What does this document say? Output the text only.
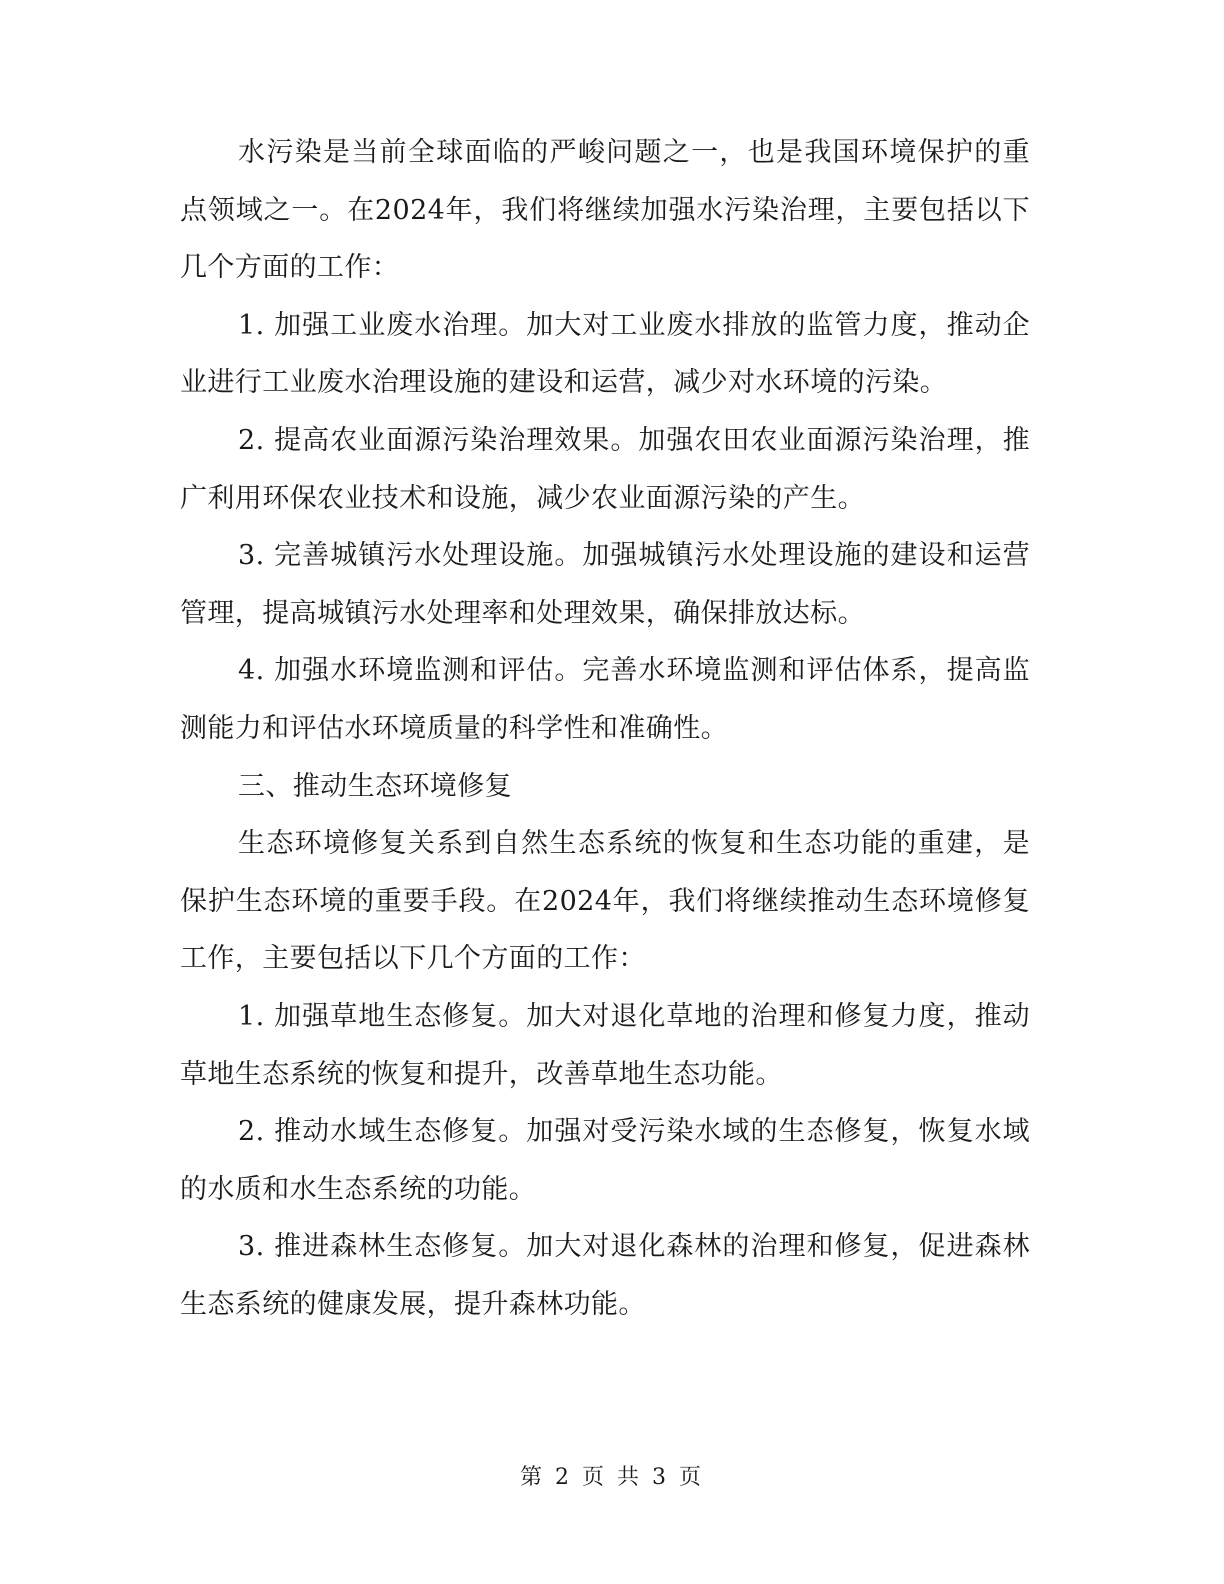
水污染是当前全球面临的严峻问题之一，也是我国环境保护的重点领域之一。在2024年，我们将继续加强水污染治理，主要包括以下几个方面的工作：

1. 加强工业废水治理。加大对工业废水排放的监管力度，推动企业进行工业废水治理设施的建设和运营，减少对水环境的污染。

2. 提高农业面源污染治理效果。加强农田农业面源污染治理，推广利用环保农业技术和设施，减少农业面源污染的产生。

3. 完善城镇污水处理设施。加强城镇污水处理设施的建设和运营管理，提高城镇污水处理率和处理效果，确保排放达标。

4. 加强水环境监测和评估。完善水环境监测和评估体系，提高监测能力和评估水环境质量的科学性和准确性。

三、推动生态环境修复

生态环境修复关系到自然生态系统的恢复和生态功能的重建，是保护生态环境的重要手段。在2024年，我们将继续推动生态环境修复工作，主要包括以下几个方面的工作：

1. 加强草地生态修复。加大对退化草地的治理和修复力度，推动草地生态系统的恢复和提升，改善草地生态功能。

2. 推动水域生态修复。加强对受污染水域的生态修复，恢复水域的水质和水生态系统的功能。

3. 推进森林生态修复。加大对退化森林的治理和修复，促进森林生态系统的健康发展，提升森林功能。

第 2 页 共 3 页
